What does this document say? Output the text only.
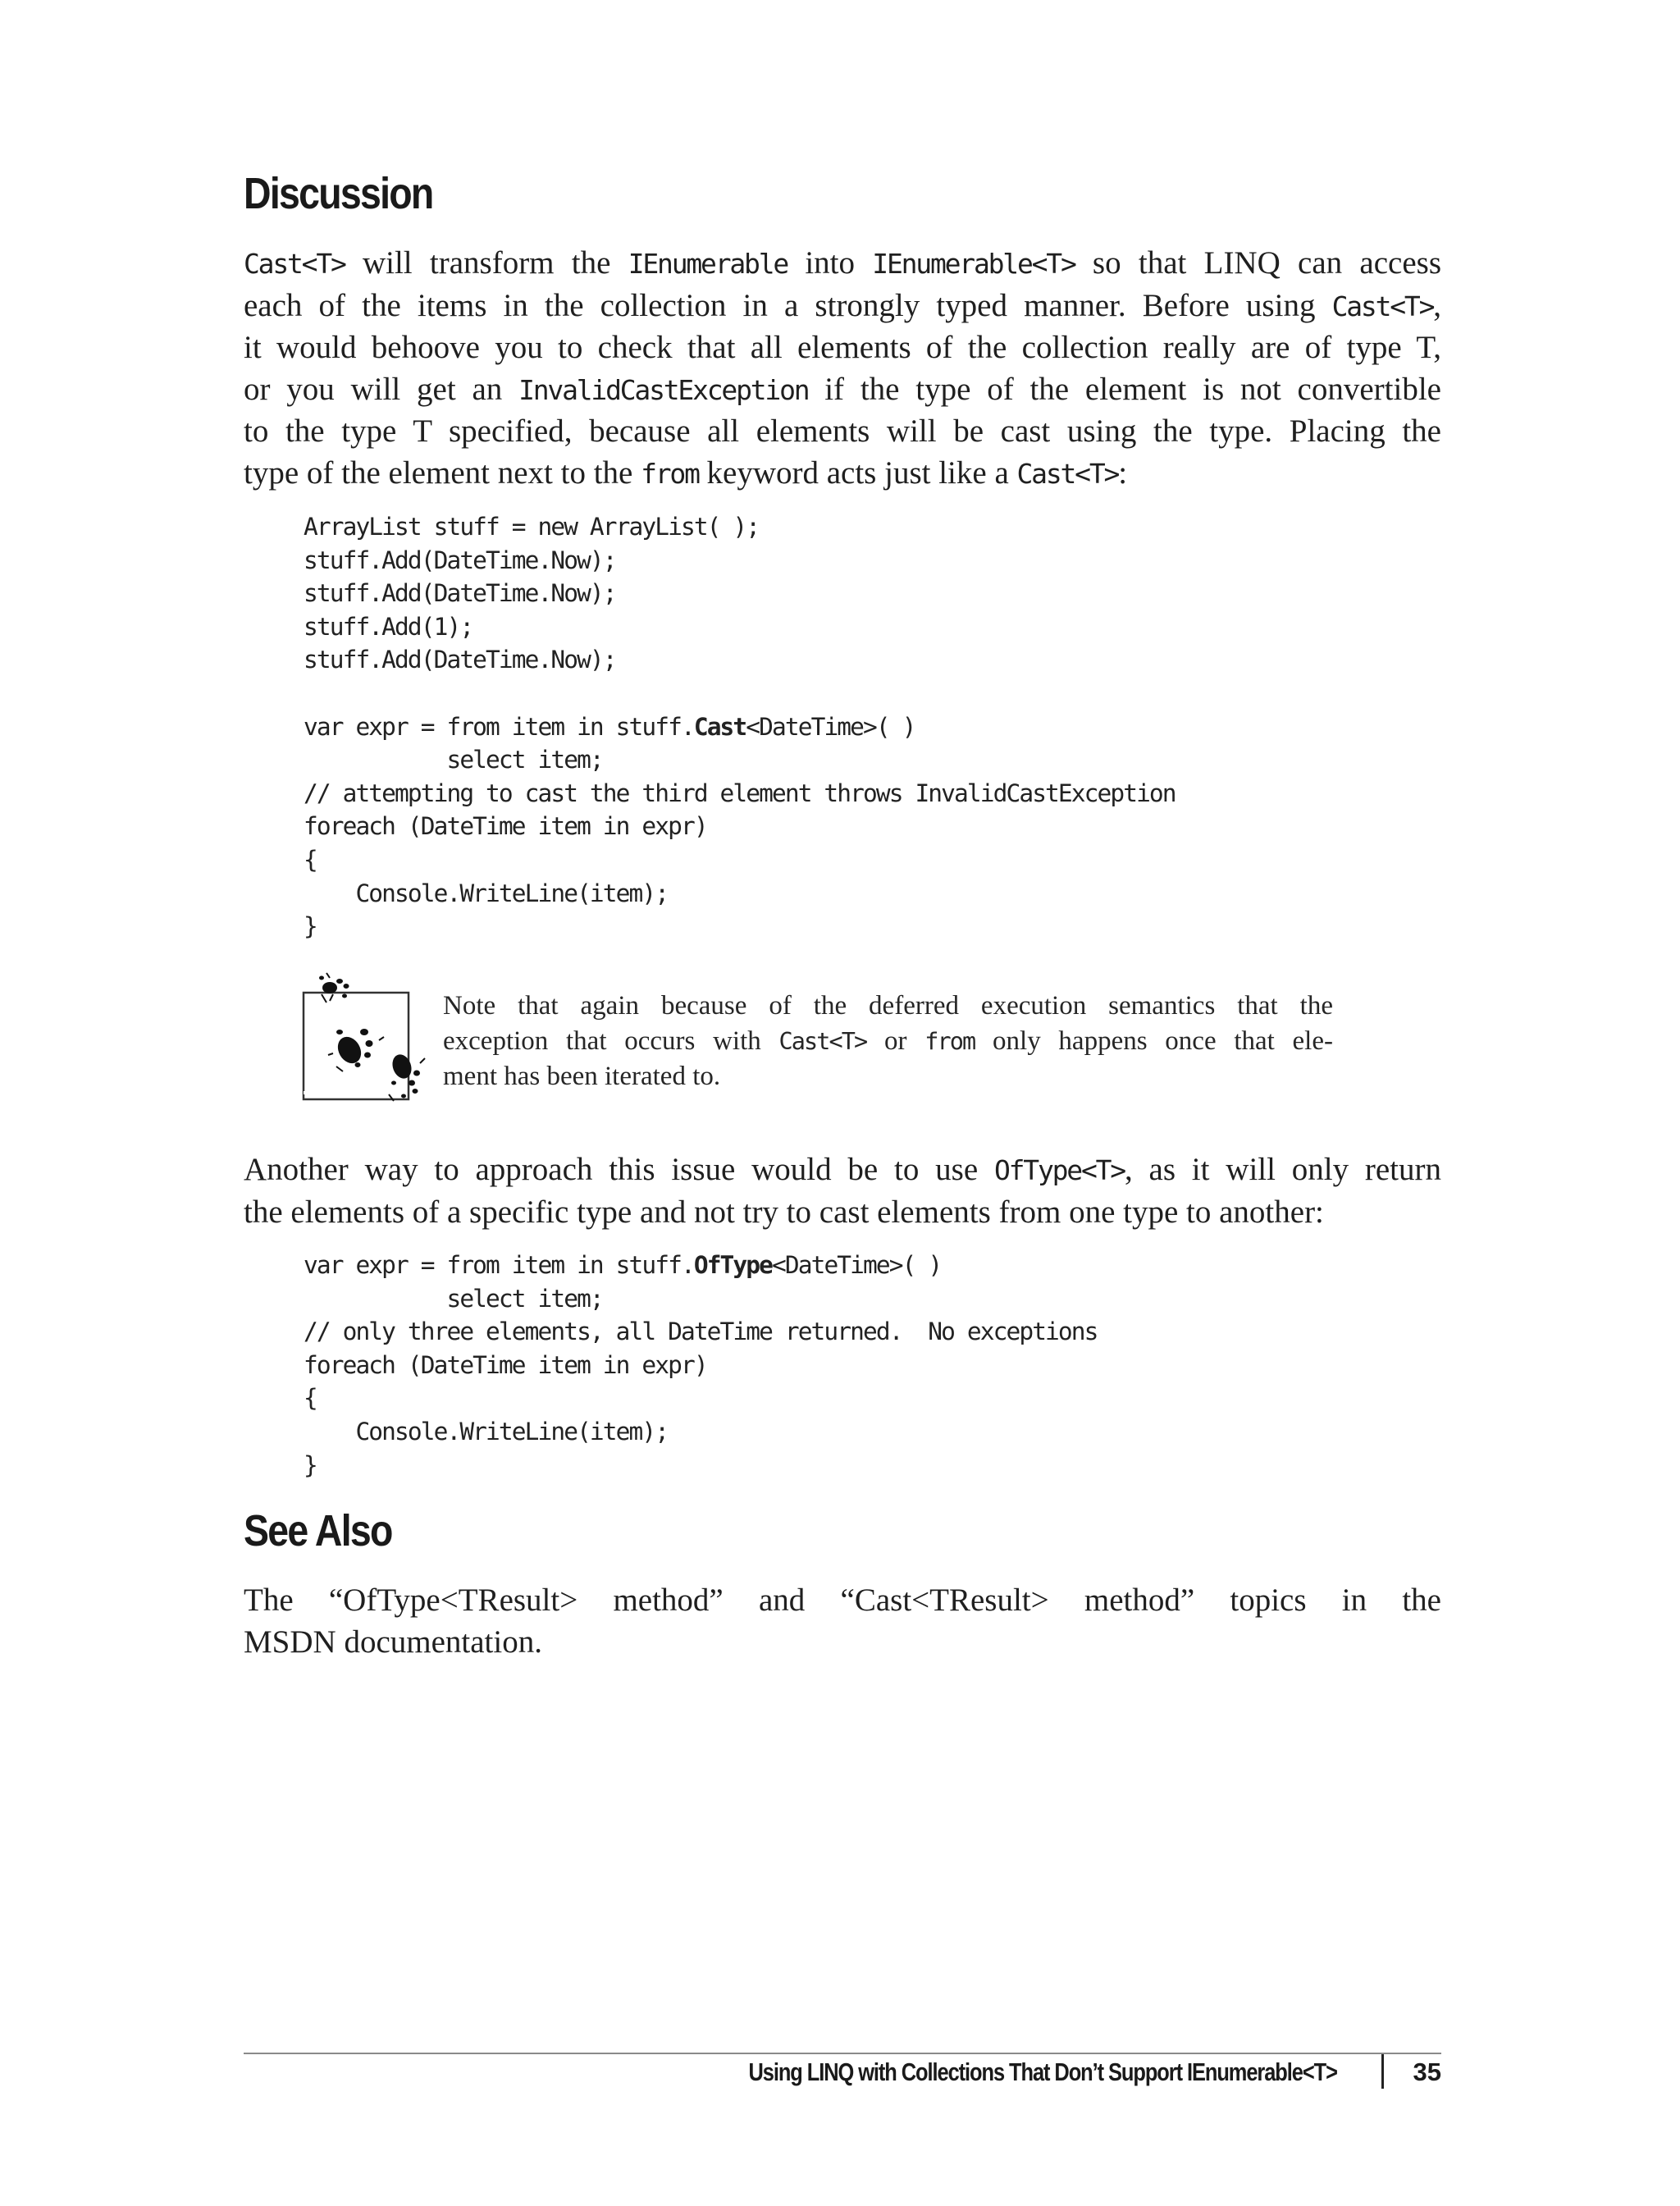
Discussion
Cast<T> will transform the IEnumerable into IEnumerable<T> so that LINQ can access
each of the items in the collection in a strongly typed manner. Before using Cast<T>,
it would behoove you to check that all elements of the collection really are of type T,
or you will get an InvalidCastException if the type of the element is not convertible
to the type T specified, because all elements will be cast using the type. Placing the
type of the element next to the from keyword acts just like a Cast<T>:
ArrayList stuff = new ArrayList( );
stuff.Add(DateTime.Now);
stuff.Add(DateTime.Now);
stuff.Add(1);
stuff.Add(DateTime.Now);

var expr = from item in stuff.Cast<DateTime>( )
select item;
// attempting to cast the third element throws InvalidCastException
foreach (DateTime item in expr)
{
Console.WriteLine(item);
}
Note that again because of the deferred execution semantics that the
exception that occurs with Cast<T> or from only happens once that ele-
ment has been iterated to.
Another way to approach this issue would be to use OfType<T>, as it will only return
the elements of a specific type and not try to cast elements from one type to another:
var expr = from item in stuff.OfType<DateTime>( )
select item;
// only three elements, all DateTime returned.  No exceptions
foreach (DateTime item in expr)
{
Console.WriteLine(item);
}
See Also
The “OfType<TResult> method” and “Cast<TResult> method” topics in the
MSDN documentation.
Using LINQ with Collections That Don’t Support IEnumerable<T>	35
